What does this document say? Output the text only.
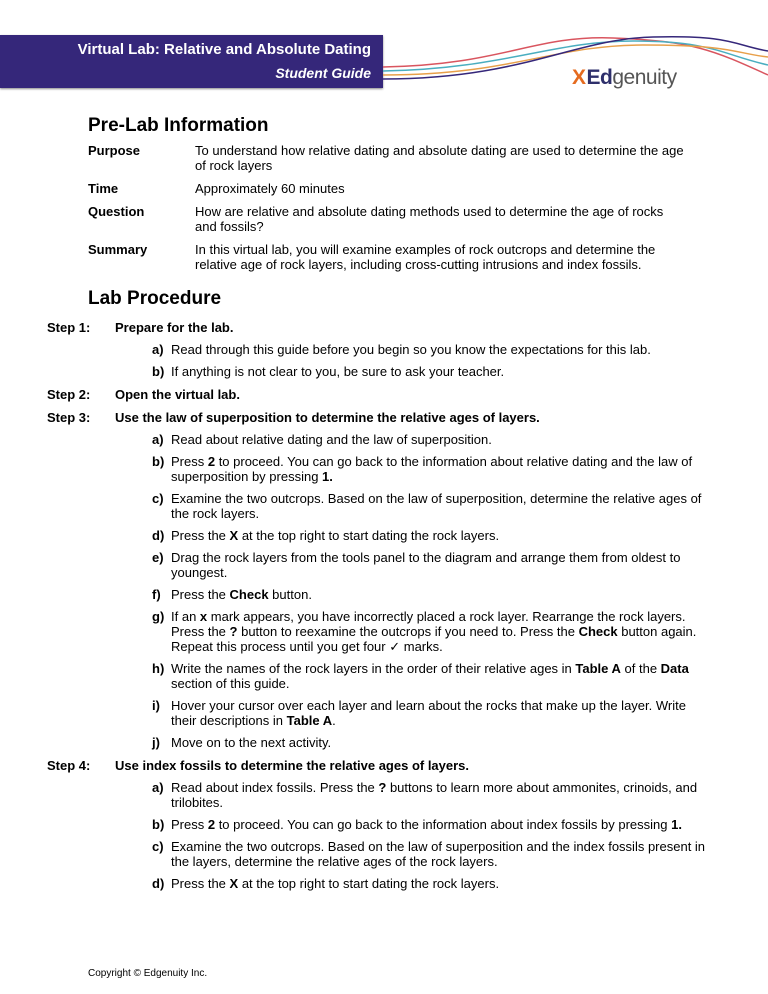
Virtual Lab: Relative and Absolute Dating
Student Guide	XEdgenuity
Pre-Lab Information
Purpose	To understand how relative dating and absolute dating are used to determine the age of rock layers
Time	Approximately 60 minutes
Question	How are relative and absolute dating methods used to determine the age of rocks and fossils?
Summary	In this virtual lab, you will examine examples of rock outcrops and determine the relative age of rock layers, including cross-cutting intrusions and index fossils.
Lab Procedure
Step 1:	Prepare for the lab.
a) Read through this guide before you begin so you know the expectations for this lab.
b) If anything is not clear to you, be sure to ask your teacher.
Step 2:	Open the virtual lab.
Step 3:	Use the law of superposition to determine the relative ages of layers.
a) Read about relative dating and the law of superposition.
b) Press 2 to proceed. You can go back to the information about relative dating and the law of superposition by pressing 1.
c) Examine the two outcrops. Based on the law of superposition, determine the relative ages of the rock layers.
d) Press the X at the top right to start dating the rock layers.
e) Drag the rock layers from the tools panel to the diagram and arrange them from oldest to youngest.
f) Press the Check button.
g) If an x mark appears, you have incorrectly placed a rock layer. Rearrange the rock layers. Press the ? button to reexamine the outcrops if you need to. Press the Check button again. Repeat this process until you get four ✓ marks.
h) Write the names of the rock layers in the order of their relative ages in Table A of the Data section of this guide.
i) Hover your cursor over each layer and learn about the rocks that make up the layer. Write their descriptions in Table A.
j) Move on to the next activity.
Step 4:	Use index fossils to determine the relative ages of layers.
a) Read about index fossils. Press the ? buttons to learn more about ammonites, crinoids, and trilobites.
b) Press 2 to proceed. You can go back to the information about index fossils by pressing 1.
c) Examine the two outcrops. Based on the law of superposition and the index fossils present in the layers, determine the relative ages of the rock layers.
d) Press the X at the top right to start dating the rock layers.
Copyright © Edgenuity Inc.
